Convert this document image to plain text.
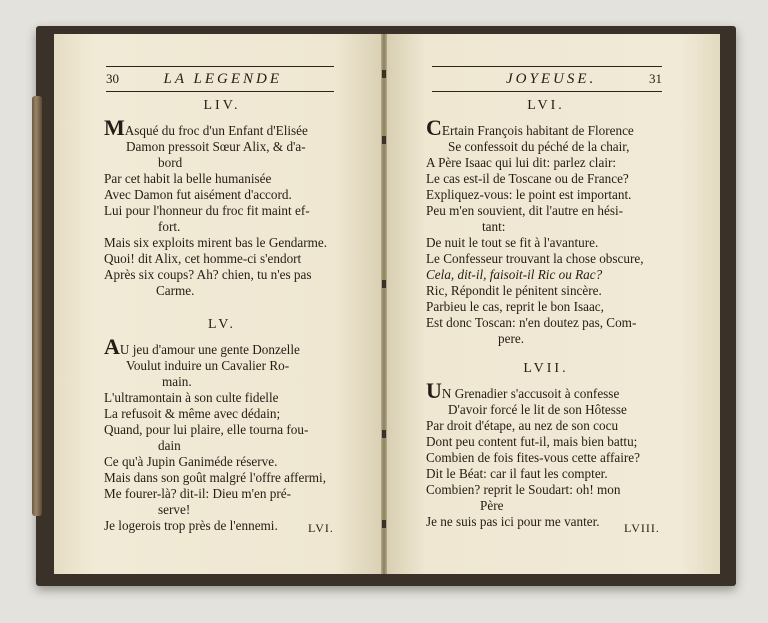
30	LA LEGENDE	JOYEUSE.	31
LIV.
MAsqué du froc d'un Enfant d'Elisée
Damon pressoit Sœur Alix, & d'a-
bord
Par cet habit la belle humanisée
Avec Damon fut aisément d'accord.
Lui pour l'honneur du froc fit maint ef-
fort.
Mais six exploits mirent bas le Gendarme.
Quoi! dit Alix, cet homme-ci s'endort
Après six coups? Ah? chien, tu n'es pas
Carme.
LV.
AU jeu d'amour une gente Donzelle
Voulut induire un Cavalier Ro-
main.
L'ultramontain à son culte fidelle
La refusoit & même avec dédain;
Quand, pour lui plaire, elle tourna fou-
dain
Ce qu'à Jupin Ganiméde réserve.
Mais dans son goût malgré l'offre affermi,
Me fourer-là? dit-il: Dieu m'en pré-
serve!
Je logerois trop près de l'ennemi.
LVI.
CErtain François habitant de Florence
Se confessoit du péché de la chair,
A Père Isaac qui lui dit: parlez clair:
Le cas est-il de Toscane ou de France?
Expliquez-vous: le point est important.
Peu m'en souvient, dit l'autre en hési-
tant:
De nuit le tout se fit à l'avanture.
Le Confesseur trouvant la chose obscure,
Cela, dit-il, faisoit-il Ric ou Rac?
Ric, Répondit le pénitent sincère.
Parbieu le cas, reprit le bon Isaac,
Est donc Toscan: n'en doutez pas, Com-
pere.
LVII.
UN Grenadier s'accusoit à confesse
D'avoir forcé le lit de son Hôtesse
Par droit d'étape, au nez de son cocu
Dont peu content fut-il, mais bien battu;
Combien de fois fites-vous cette affaire?
Dit le Béat: car il faut les compter.
Combien? reprit le Soudart: oh! mon
Père
Je ne suis pas ici pour me vanter.
LVI.	LVIII.
